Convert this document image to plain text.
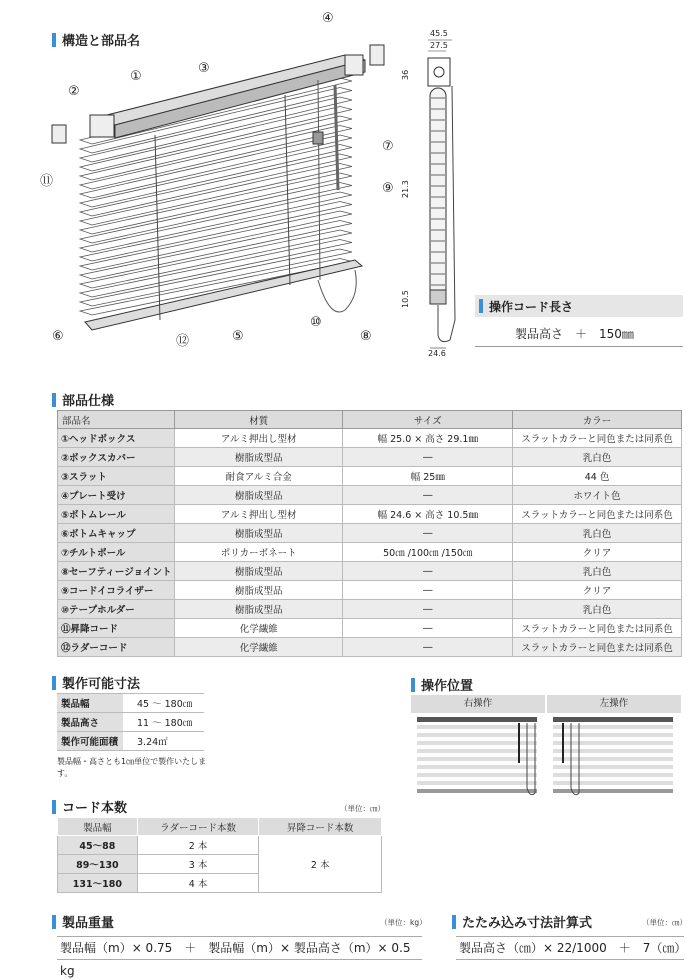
構造と部品名
①
②
③
④
⑤
⑥
⑦
⑧
⑨
⑩
⑪
⑫
45.5
27.5
36
21.3
10.5
24.6
操作コード長さ
製品高さ　＋　150㎜
部品仕様
部品名	材質	サイズ	カラー
①ヘッドボックス	アルミ押出し型材	幅 25.0 × 高さ 29.1㎜	スラットカラーと同色または同系色
②ボックスカバー	樹脂成型品	―	乳白色
③スラット	耐食アルミ合金	幅 25㎜	44 色
④プレート受け	樹脂成型品	―	ホワイト色
⑤ボトムレール	アルミ押出し型材	幅 24.6 × 高さ 10.5㎜	スラットカラーと同色または同系色
⑥ボトムキャップ	樹脂成型品	―	乳白色
⑦チルトポール	ポリカーボネート	50㎝ /100㎝ /150㎝	クリア
⑧セーフティージョイント	樹脂成型品	―	乳白色
⑨コードイコライザー	樹脂成型品	―	クリア
⑩テープホルダー	樹脂成型品	―	乳白色
⑪昇降コード	化学繊維	―	スラットカラーと同色または同系色
⑫ラダーコード	化学繊維	―	スラットカラーと同色または同系色
製作可能寸法
製品幅	45 ～ 180㎝
製品高さ	11 ～ 180㎝
製作可能面積	3.24㎡
製品幅・高さとも1㎝単位で製作いたします。
操作位置
右操作	左操作
コード本数	（単位：㎝）
製品幅	ラダーコード本数	昇降コード本数
45～88	2 本	2 本
89～130	3 本	
131～180	4 本	
製品重量	（単位：kg）
製品幅（m）× 0.75　＋　製品幅（m）× 製品高さ（m）× 0.5　kg
たたみ込み寸法計算式	（単位：㎝）
製品高さ（㎝）× 22/1000　＋　7（㎝）
